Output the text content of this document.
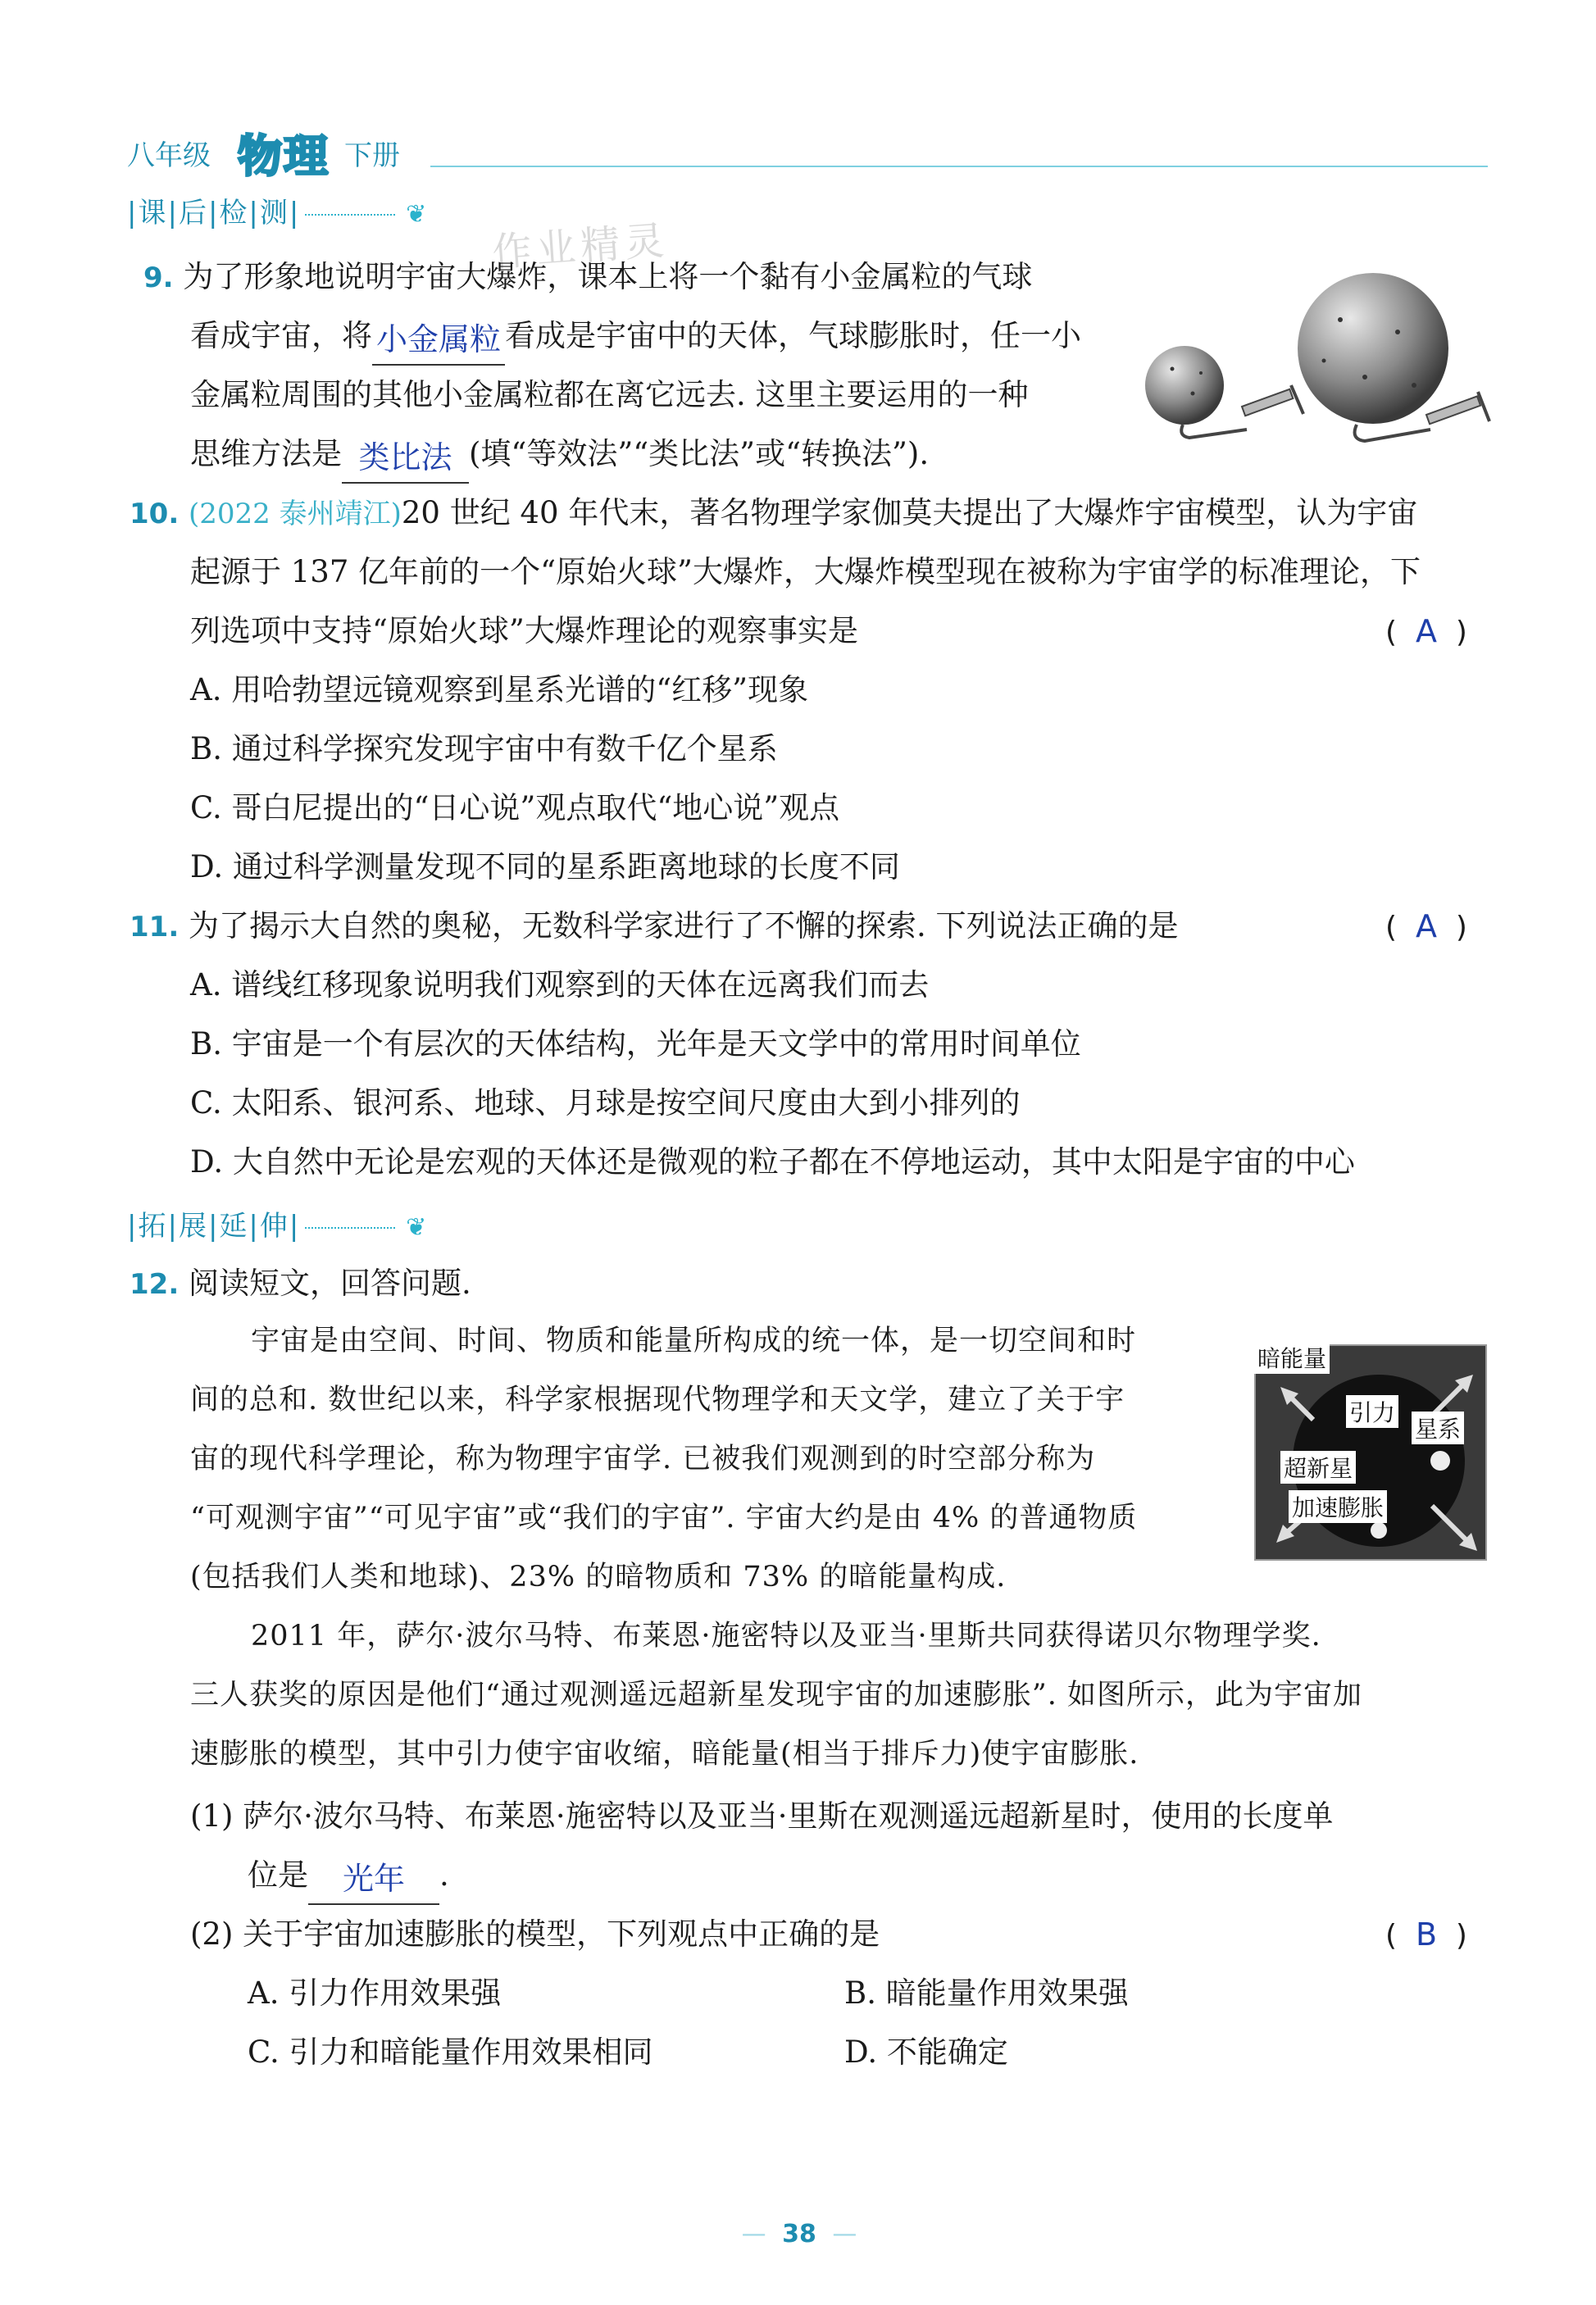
八年级 物理 下册
|课|后|检|测|	❦
作业精灵
9. 为了形象地说明宇宙大爆炸，课本上将一个黏有小金属粒的气球
看成宇宙，将 小金属粒 看成是宇宙中的天体，气球膨胀时，任一小
金属粒周围的其他小金属粒都在离它远去. 这里主要运用的一种
思维方法是 类比法 (填“等效法”“类比法”或“转换法”).
10. (2022 泰州靖江)20 世纪 40 年代末，著名物理学家伽莫夫提出了大爆炸宇宙模型，认为宇宙
起源于 137 亿年前的一个“原始火球”大爆炸，大爆炸模型现在被称为宇宙学的标准理论，下
列选项中支持“原始火球”大爆炸理论的观察事实是	(  A  )
A. 用哈勃望远镜观察到星系光谱的“红移”现象
B. 通过科学探究发现宇宙中有数千亿个星系
C. 哥白尼提出的“日心说”观点取代“地心说”观点
D. 通过科学测量发现不同的星系距离地球的长度不同
11. 为了揭示大自然的奥秘，无数科学家进行了不懈的探索. 下列说法正确的是	(  A  )
A. 谱线红移现象说明我们观察到的天体在远离我们而去
B. 宇宙是一个有层次的天体结构，光年是天文学中的常用时间单位
C. 太阳系、银河系、地球、月球是按空间尺度由大到小排列的
D. 大自然中无论是宏观的天体还是微观的粒子都在不停地运动，其中太阳是宇宙的中心
|拓|展|延|伸|	❦
12. 阅读短文，回答问题.
宇宙是由空间、时间、物质和能量所构成的统一体，是一切空间和时
间的总和. 数世纪以来，科学家根据现代物理学和天文学，建立了关于宇
宙的现代科学理论，称为物理宇宙学. 已被我们观测到的时空部分称为
“可观测宇宙”“可见宇宙”或“我们的宇宙”. 宇宙大约是由 4% 的普通物质
(包括我们人类和地球)、23% 的暗物质和 73% 的暗能量构成.
暗能量
引力
星系
超新星
加速膨胀
2011 年，萨尔·波尔马特、布莱恩·施密特以及亚当·里斯共同获得诺贝尔物理学奖.
三人获奖的原因是他们“通过观测遥远超新星发现宇宙的加速膨胀”. 如图所示，此为宇宙加
速膨胀的模型，其中引力使宇宙收缩，暗能量(相当于排斥力)使宇宙膨胀.
(1) 萨尔·波尔马特、布莱恩·施密特以及亚当·里斯在观测遥远超新星时，使用的长度单
位是 光年 .
(2) 关于宇宙加速膨胀的模型，下列观点中正确的是	(  B  )
A. 引力作用效果强	B. 暗能量作用效果强
C. 引力和暗能量作用效果相同	D. 不能确定
— 38 —
